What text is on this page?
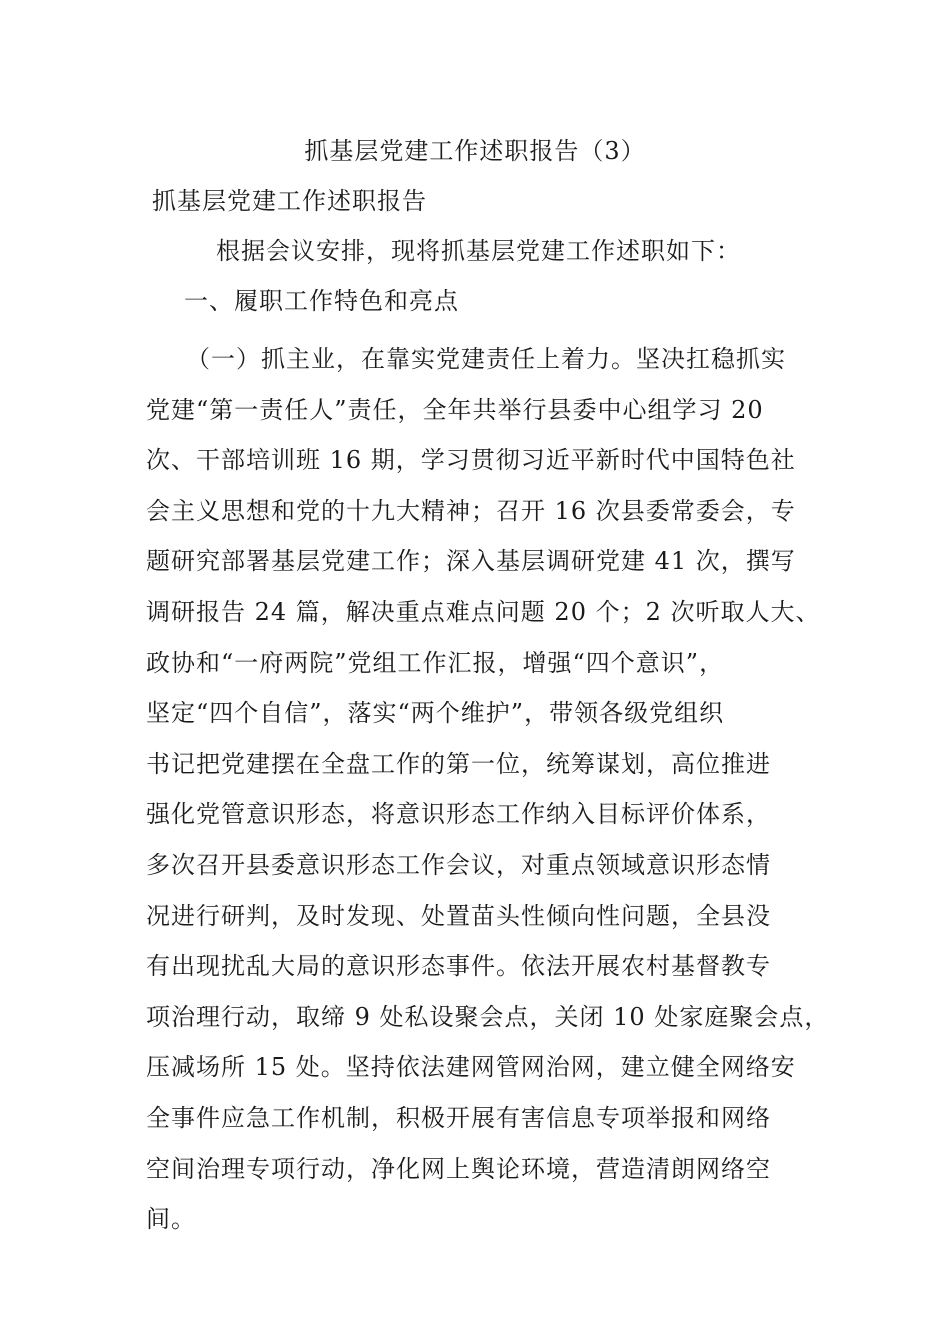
抓基层党建工作述职报告（3）

抓基层党建工作述职报告

根据会议安排，现将抓基层党建工作述职如下：

一、履职工作特色和亮点

（一）抓主业，在靠实党建责任上着力。坚决扛稳抓实
党建“第一责任人”责任，全年共举行县委中心组学习 20
次、干部培训班 16 期，学习贯彻习近平新时代中国特色社
会主义思想和党的十九大精神；召开 16 次县委常委会，专
题研究部署基层党建工作；深入基层调研党建 41 次，撰写
调研报告 24 篇，解决重点难点问题 20 个；2 次听取人大、
政协和“一府两院”党组工作汇报，增强“四个意识”，
坚定“四个自信”，落实“两个维护”，带领各级党组织
书记把党建摆在全盘工作的第一位，统筹谋划，高位推进
强化党管意识形态，将意识形态工作纳入目标评价体系，
多次召开县委意识形态工作会议，对重点领域意识形态情
况进行研判，及时发现、处置苗头性倾向性问题，全县没
有出现扰乱大局的意识形态事件。依法开展农村基督教专
项治理行动，取缔 9 处私设聚会点，关闭 10 处家庭聚会点，
压减场所 15 处。坚持依法建网管网治网，建立健全网络安
全事件应急工作机制，积极开展有害信息专项举报和网络
空间治理专项行动，净化网上舆论环境，营造清朗网络空
间。
